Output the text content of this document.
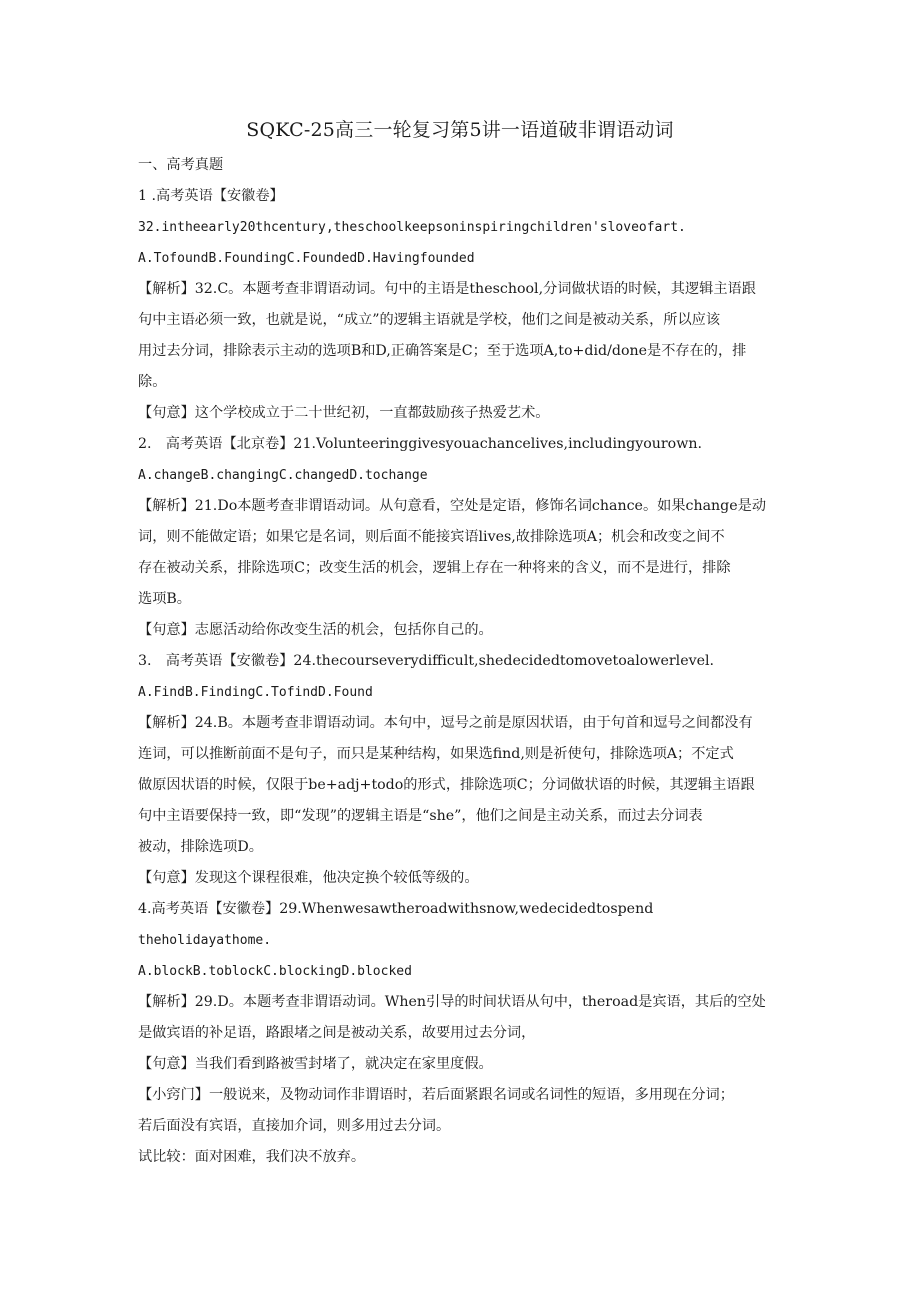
SQKC-25高三一轮复习第5讲一语道破非谓语动词
一、高考真题
1 .高考英语【安徽卷】
32.intheearly20thcentury,theschoolkeepsoninspiringchildren'sloveofart.
A.TofoundB.FoundingC.FoundedD.Havingfounded
【解析】32.C。本题考查非谓语动词。句中的主语是theschool,分词做状语的时候，其逻辑主语跟
句中主语必须一致，也就是说，“成立”的逻辑主语就是学校，他们之间是被动关系，所以应该
用过去分词，排除表示主动的选项B和D,正确答案是C；至于选项A,to+did/done是不存在的，排
除。
【句意】这个学校成立于二十世纪初，一直都鼓励孩子热爱艺术。
2.　高考英语【北京卷】21.Volunteeringgivesyouachancelives,includingyourown.
A.changeB.changingC.changedD.tochange
【解析】21.Do本题考查非谓语动词。从句意看，空处是定语，修饰名词chance。如果change是动
词，则不能做定语；如果它是名词，则后面不能接宾语lives,故排除选项A；机会和改变之间不
存在被动关系，排除选项C；改变生活的机会，逻辑上存在一种将来的含义，而不是进行，排除
选项B。
【句意】志愿活动给你改变生活的机会，包括你自己的。
3.　高考英语【安徽卷】24.thecourseverydifficult,shedecidedtomovetoalowerlevel.
A.FindB.FindingC.TofindD.Found
【解析】24.B。本题考查非谓语动词。本句中，逗号之前是原因状语，由于句首和逗号之间都没有
连词，可以推断前面不是句子，而只是某种结构，如果选find,则是祈使句，排除选项A；不定式
做原因状语的时候，仅限于be+adj+todo的形式，排除选项C；分词做状语的时候，其逻辑主语跟
句中主语要保持一致，即“发现”的逻辑主语是“she”，他们之间是主动关系，而过去分词表
被动，排除选项D。
【句意】发现这个课程很难，他决定换个较低等级的。
4.高考英语【安徽卷】29.Whenwesawtheroadwithsnow,wedecidedtospend
theholidayathome.
A.blockB.toblockC.blockingD.blocked
【解析】29.D。本题考查非谓语动词。When引导的时间状语从句中，theroad是宾语，其后的空处
是做宾语的补足语，路跟堵之间是被动关系，故要用过去分词，
【句意】当我们看到路被雪封堵了，就决定在家里度假。
【小窍门】一般说来，及物动词作非谓语时，若后面紧跟名词或名词性的短语，多用现在分词；
若后面没有宾语，直接加介词，则多用过去分词。
试比较：面对困难，我们决不放弃。
